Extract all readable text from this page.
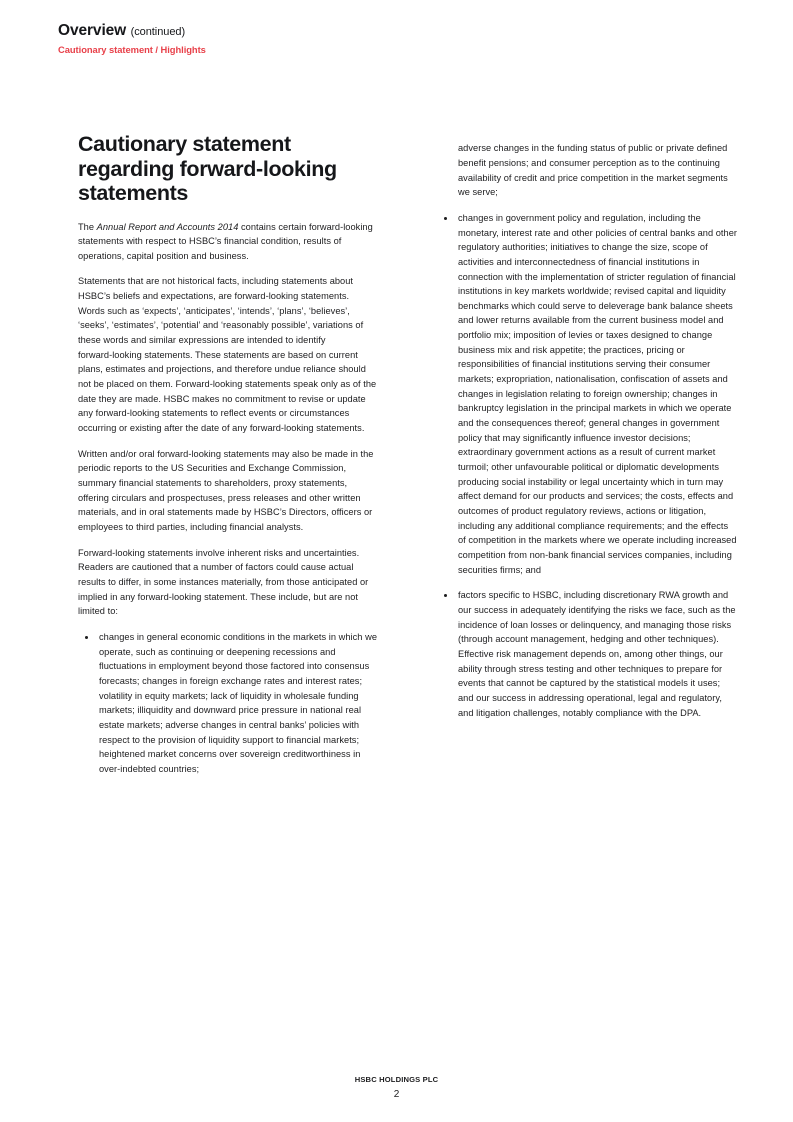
Overview (continued)
Cautionary statement / Highlights
Cautionary statement regarding forward-looking statements

The Annual Report and Accounts 2014 contains certain forward‑looking statements with respect to HSBC’s financial condition, results of operations, capital position and business.

Statements that are not historical facts, including statements about HSBC’s beliefs and expectations, are forward‑looking statements. Words such as ‘expects’, ‘anticipates’, ‘intends’, ‘plans’, ‘believes’, ‘seeks’, ‘estimates’, ‘potential’ and ‘reasonably possible’, variations of these words and similar expressions are intended to identify forward‑looking statements. These statements are based on current plans, estimates and projections, and therefore undue reliance should not be placed on them. Forward‑looking statements speak only as of the date they are made. HSBC makes no commitment to revise or update any forward‑looking statements to reflect events or circumstances occurring or existing after the date of any forward‑looking statements.

Written and/or oral forward‑looking statements may also be made in the periodic reports to the US Securities and Exchange Commission, summary financial statements to shareholders, proxy statements, offering circulars and prospectuses, press releases and other written materials, and in oral statements made by HSBC’s Directors, officers or employees to third parties, including financial analysts.

Forward‑looking statements involve inherent risks and uncertainties. Readers are cautioned that a number of factors could cause actual results to differ, in some instances materially, from those anticipated or implied in any forward‑looking statement. These include, but are not limited to:

changes in general economic conditions in the markets in which we operate, such as continuing or deepening recessions and fluctuations in employment beyond those factored into consensus forecasts; changes in foreign exchange rates and interest rates; volatility in equity markets; lack of liquidity in wholesale funding markets; illiquidity and downward price pressure in national real estate markets; adverse changes in central banks’ policies with respect to the provision of liquidity support to financial markets; heightened market concerns over sovereign creditworthiness in over‑indebted countries;

adverse changes in the funding status of public or private defined benefit pensions; and consumer perception as to the continuing availability of credit and price competition in the market segments we serve;

changes in government policy and regulation, including the monetary, interest rate and other policies of central banks and other regulatory authorities; initiatives to change the size, scope of activities and interconnectedness of financial institutions in connection with the implementation of stricter regulation of financial institutions in key markets worldwide; revised capital and liquidity benchmarks which could serve to deleverage bank balance sheets and lower returns available from the current business model and portfolio mix; imposition of levies or taxes designed to change business mix and risk appetite; the practices, pricing or responsibilities of financial institutions serving their consumer markets; expropriation, nationalisation, confiscation of assets and changes in legislation relating to foreign ownership; changes in bankruptcy legislation in the principal markets in which we operate and the consequences thereof; general changes in government policy that may significantly influence investor decisions; extraordinary government actions as a result of current market turmoil; other unfavourable political or diplomatic developments producing social instability or legal uncertainty which in turn may affect demand for our products and services; the costs, effects and outcomes of product regulatory reviews, actions or litigation, including any additional compliance requirements; and the effects of competition in the markets where we operate including increased competition from non‑bank financial services companies, including securities firms; and
factors specific to HSBC, including discretionary RWA growth and our success in adequately identifying the risks we face, such as the incidence of loan losses or delinquency, and managing those risks (through account management, hedging and other techniques). Effective risk management depends on, among other things, our ability through stress testing and other techniques to prepare for events that cannot be captured by the statistical models it uses; and our success in addressing operational, legal and regulatory, and litigation challenges, notably compliance with the DPA.
HSBC HOLDINGS PLC
2
